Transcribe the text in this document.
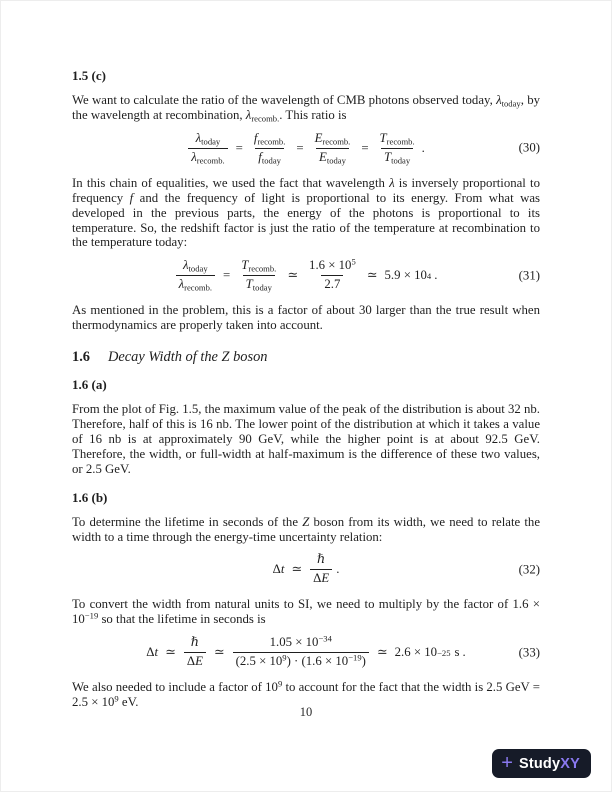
1.5 (c)

We want to calculate the ratio of the wavelength of CMB photons observed today, $\lambda_{today}$, by the wavelength at recombination, $\lambda_{recomb.}$. This ratio is

$\frac{\lambda_{today}}{\lambda_{recomb.}} = \frac{f_{recomb.}}{f_{today}} = \frac{E_{recomb.}}{E_{today}} = \frac{T_{recomb.}}{T_{today}}$ .	(30)

In this chain of equalities, we used the fact that wavelength λ is inversely proportional to frequency f and the frequency of light is proportional to its energy. From what was developed in the previous parts, the energy of the photons is proportional to its temperature. So, the redshift factor is just the ratio of the temperature at recombination to the temperature today:

$\frac{\lambda_{today}}{\lambda_{recomb.}} = \frac{T_{recomb.}}{T_{today}}$ ≃ $\frac{1.6 \times 10^5}{2.7}$ ≃ 5.9 × 10 4 .	(31)

As mentioned in the problem, this is a factor of about 30 larger than the true result when thermodynamics are properly taken into account.

1.6 Decay Width of the Z boson
1.6 (a)

From the plot of Fig. 1.5, the maximum value of the peak of the distribution is about 32 nb. Therefore, half of this is 16 nb. The lower point of the distribution at which it takes a value of 16 nb is at approximately 90 GeV, while the higher point is at about 92.5 GeV. Therefore, the width, or full-width at half-maximum is the difference of these two values, or 2.5 GeV.

1.6 (b)

To determine the lifetime in seconds of the Z boson from its width, we need to relate the width to a time through the energy-time uncertainty relation:

Δ t ≃ $\frac{\text{ℏ}}{\Delta E}$ .	(32)

To convert the width from natural units to SI, we need to multiply by the factor of $1.6 \times 10^{-19}$ so that the lifetime in seconds is

Δ t ≃ $\frac{\text{ℏ}}{\Delta E}$ ≃ $\frac{1.05 \times 10^{-34}}{(2.5 \times 10^9) \cdot (1.6 \times 10^{-19})}$ ≃ 2.6 × 10 −25 s .	(33)

We also needed to include a factor of $10^9$ to account for the fact that the width is 2.5 GeV = $2.5 \times 10^9$ eV.

10
+ Study XY
